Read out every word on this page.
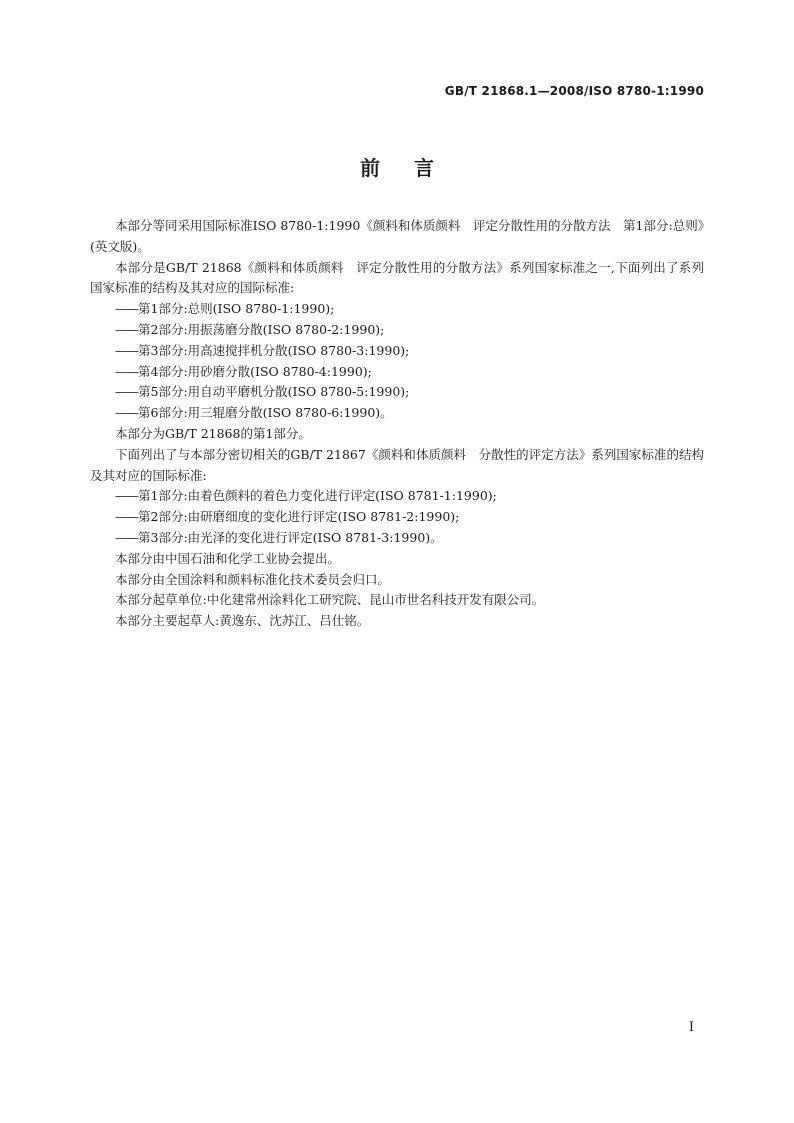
GB/T 21868.1—2008/ISO 8780-1:1990
前言

本部分等同采用国际标准ISO 8780-1:1990《颜料和体质颜料　评定分散性用的分散方法　第1部分:总则》(英文版)。

本部分是GB/T 21868《颜料和体质颜料　评定分散性用的分散方法》系列国家标准之一,下面列出了系列国家标准的结构及其对应的国际标准:

——第1部分:总则(ISO 8780-1:1990);

——第2部分:用振荡磨分散(ISO 8780-2:1990);

——第3部分:用高速搅拌机分散(ISO 8780-3:1990);

——第4部分:用砂磨分散(ISO 8780-4:1990);

——第5部分:用自动平磨机分散(ISO 8780-5:1990);

——第6部分:用三辊磨分散(ISO 8780-6:1990)。

本部分为GB/T 21868的第1部分。

下面列出了与本部分密切相关的GB/T 21867《颜料和体质颜料　分散性的评定方法》系列国家标准的结构及其对应的国际标准:

——第1部分:由着色颜料的着色力变化进行评定(ISO 8781-1:1990);

——第2部分:由研磨细度的变化进行评定(ISO 8781-2:1990);

——第3部分:由光泽的变化进行评定(ISO 8781-3:1990)。

本部分由中国石油和化学工业协会提出。

本部分由全国涂料和颜料标准化技术委员会归口。

本部分起草单位:中化建常州涂料化工研究院、昆山市世名科技开发有限公司。

本部分主要起草人:黄逸东、沈苏江、吕仕铭。

I
